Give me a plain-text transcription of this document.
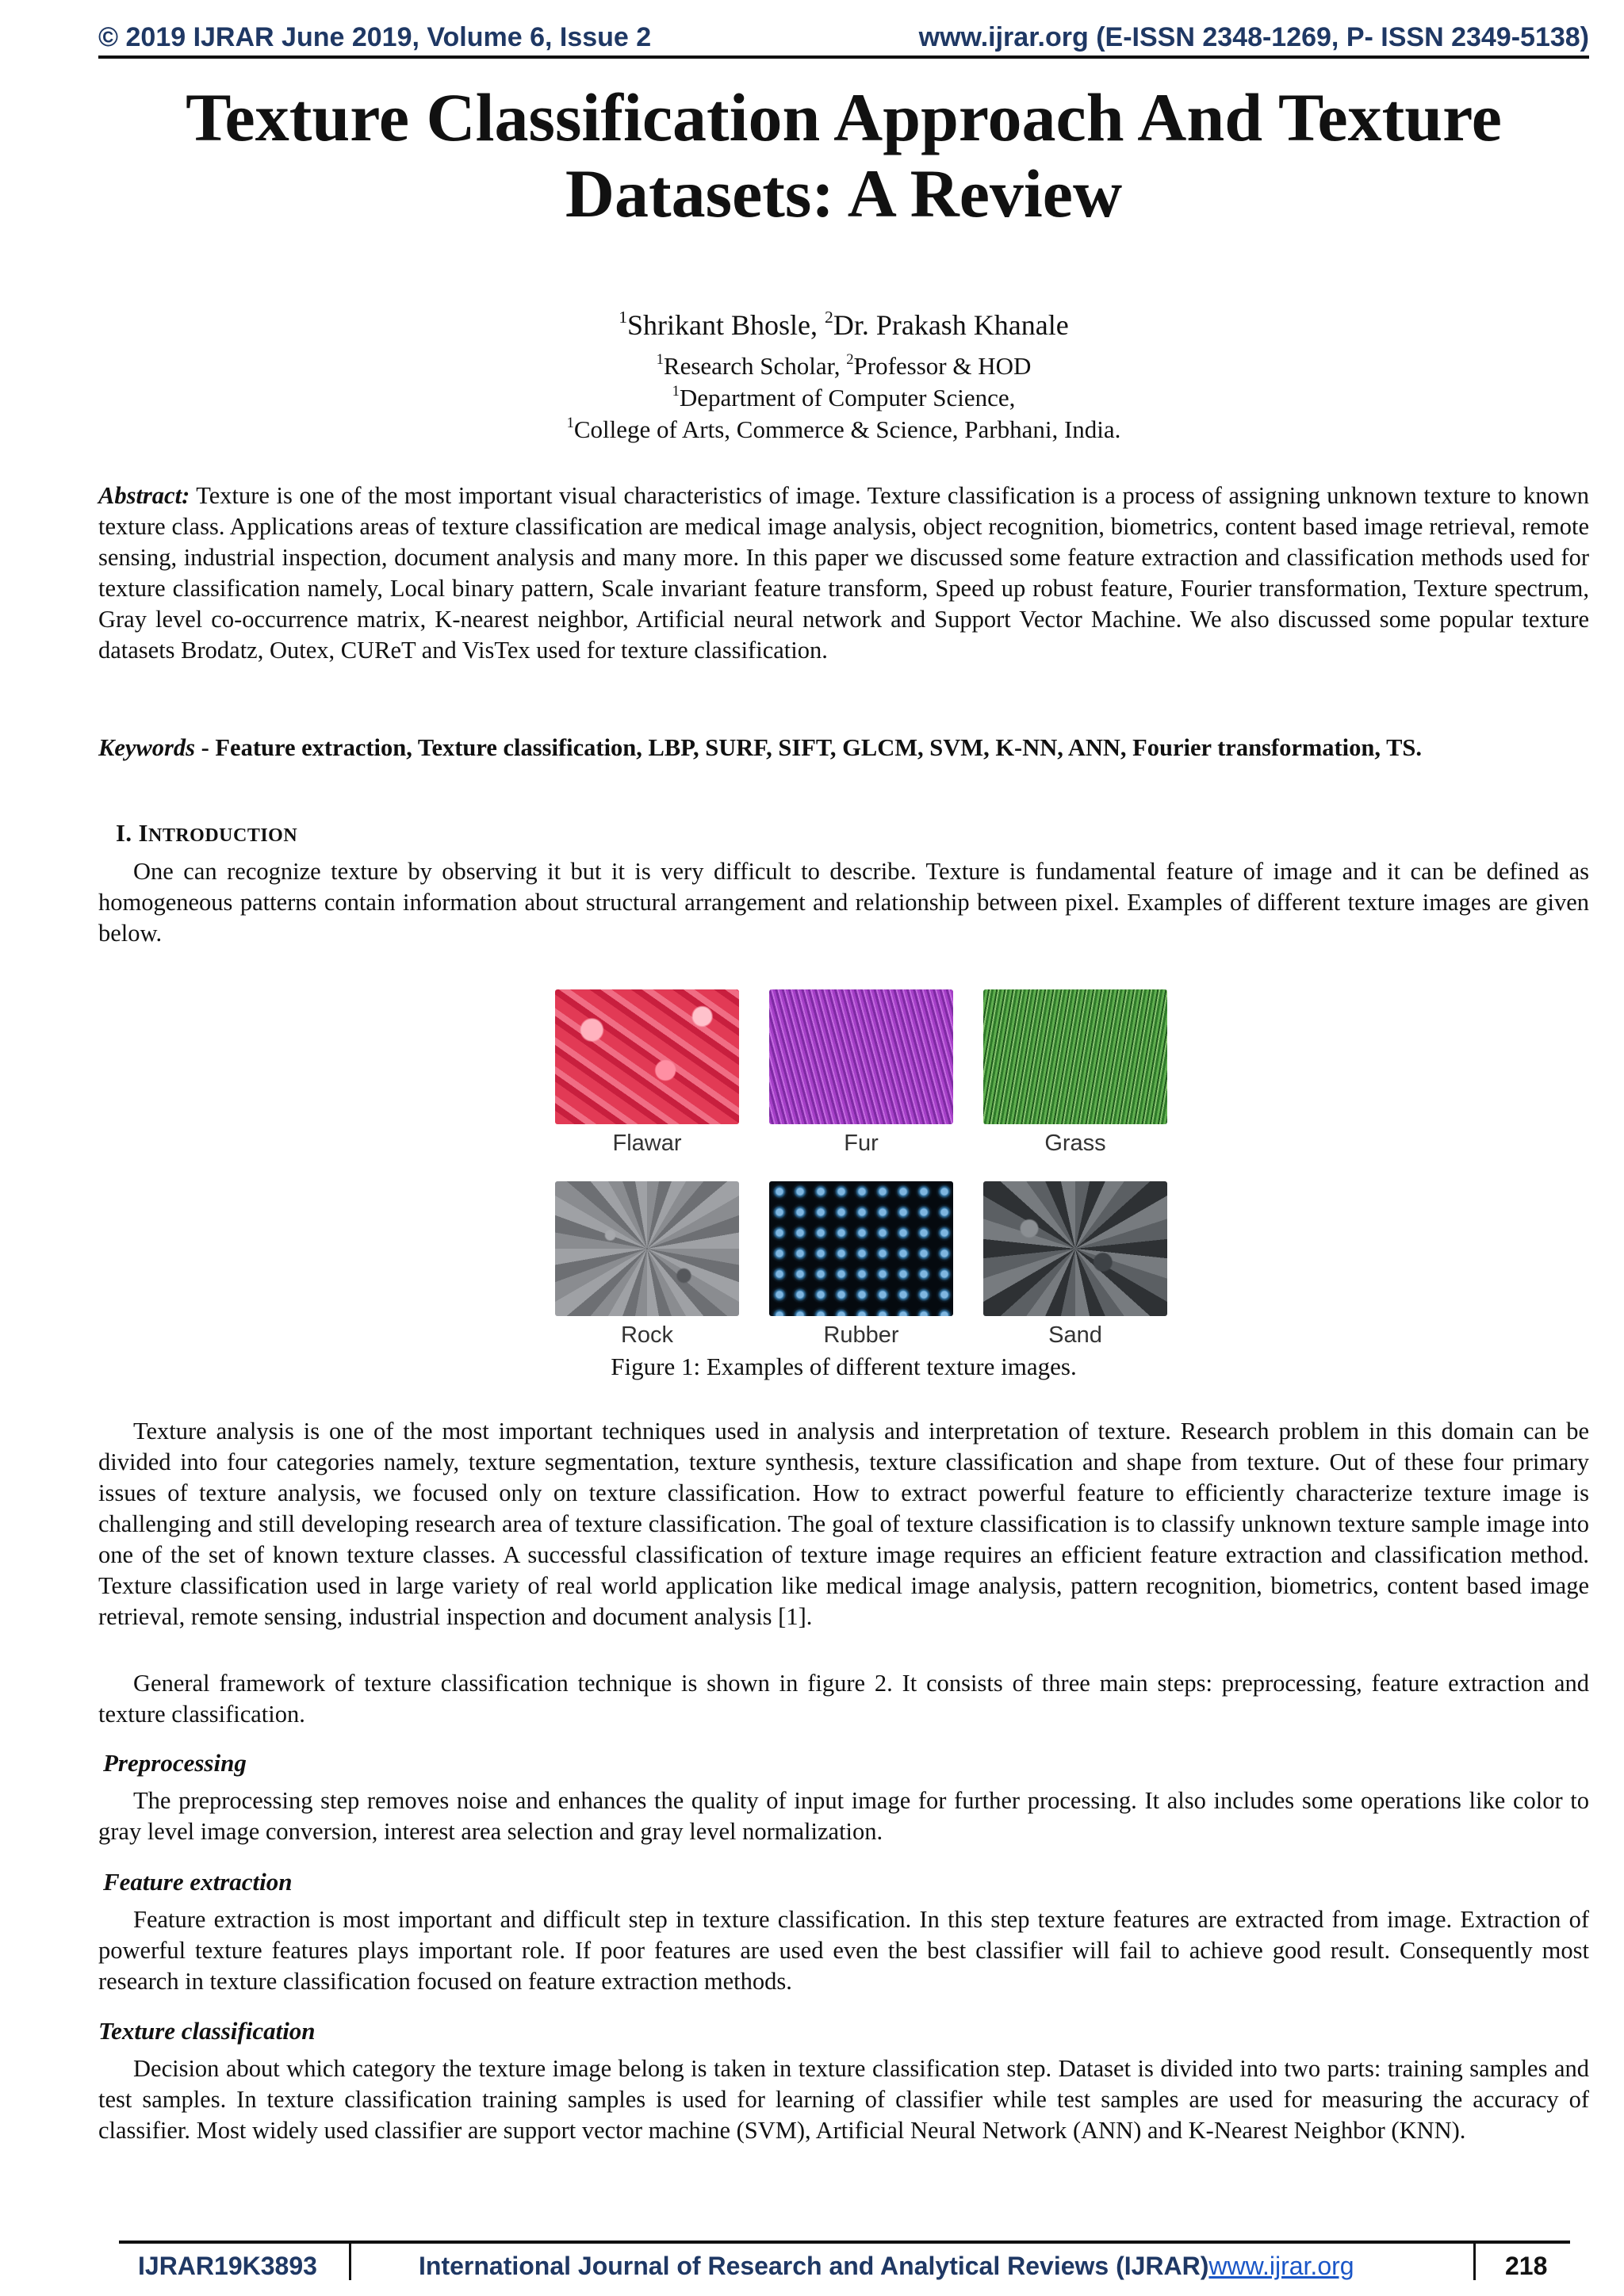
© 2019 IJRAR June 2019, Volume 6, Issue 2	www.ijrar.org (E-ISSN 2348-1269, P- ISSN 2349-5138)
Texture Classification Approach And Texture
Datasets: A Review
$^1$Shrikant Bhosle, $^2$Dr. Prakash Khanale
$^1$Research Scholar, $^2$Professor & HOD
$^1$Department of Computer Science,
$^1$College of Arts, Commerce & Science, Parbhani, India.
Abstract: Texture is one of the most important visual characteristics of image. Texture classification is a process of assigning unknown texture to known texture class. Applications areas of texture classification are medical image analysis, object recognition, biometrics, content based image retrieval, remote sensing, industrial inspection, document analysis and many more. In this paper we discussed some feature extraction and classification methods used for texture classification namely, Local binary pattern, Scale invariant feature transform, Speed up robust feature, Fourier transformation, Texture spectrum, Gray level co-occurrence matrix, K-nearest neighbor, Artificial neural network and Support Vector Machine. We also discussed some popular texture datasets Brodatz, Outex, CUReT and VisTex used for texture classification.
Keywords - Feature extraction, Texture classification, LBP, SURF, SIFT, GLCM, SVM, K-NN, ANN, Fourier transformation, TS.
I. INTRODUCTION
One can recognize texture by observing it but it is very difficult to describe. Texture is fundamental feature of image and it can be defined as homogeneous patterns contain information about structural arrangement and relationship between pixel. Examples of different texture images are given below.
Flawar	Fur	Grass
Rock	Rubber	Sand
Figure 1: Examples of different texture images.
Texture analysis is one of the most important techniques used in analysis and interpretation of texture. Research problem in this domain can be divided into four categories namely, texture segmentation, texture synthesis, texture classification and shape from texture. Out of these four primary issues of texture analysis, we focused only on texture classification. How to extract powerful feature to efficiently characterize texture image is challenging and still developing research area of texture classification. The goal of texture classification is to classify unknown texture sample image into one of the set of known texture classes. A successful classification of texture image requires an efficient feature extraction and classification method. Texture classification used in large variety of real world application like medical image analysis, pattern recognition, biometrics, content based image retrieval, remote sensing, industrial inspection and document analysis [1].
General framework of texture classification technique is shown in figure 2. It consists of three main steps: preprocessing, feature extraction and texture classification.
Preprocessing
The preprocessing step removes noise and enhances the quality of input image for further processing. It also includes some operations like color to gray level image conversion, interest area selection and gray level normalization.
Feature extraction
Feature extraction is most important and difficult step in texture classification. In this step texture features are extracted from image. Extraction of powerful texture features plays important role. If poor features are used even the best classifier will fail to achieve good result. Consequently most research in texture classification focused on feature extraction methods.
Texture classification
Decision about which category the texture image belong is taken in texture classification step. Dataset is divided into two parts: training samples and test samples. In texture classification training samples is used for learning of classifier while test samples are used for measuring the accuracy of classifier. Most widely used classifier are support vector machine (SVM), Artificial Neural Network (ANN) and K-Nearest Neighbor (KNN).
IJRAR19K3893	International Journal of Research and Analytical Reviews (IJRAR)www.ijrar.org	218
